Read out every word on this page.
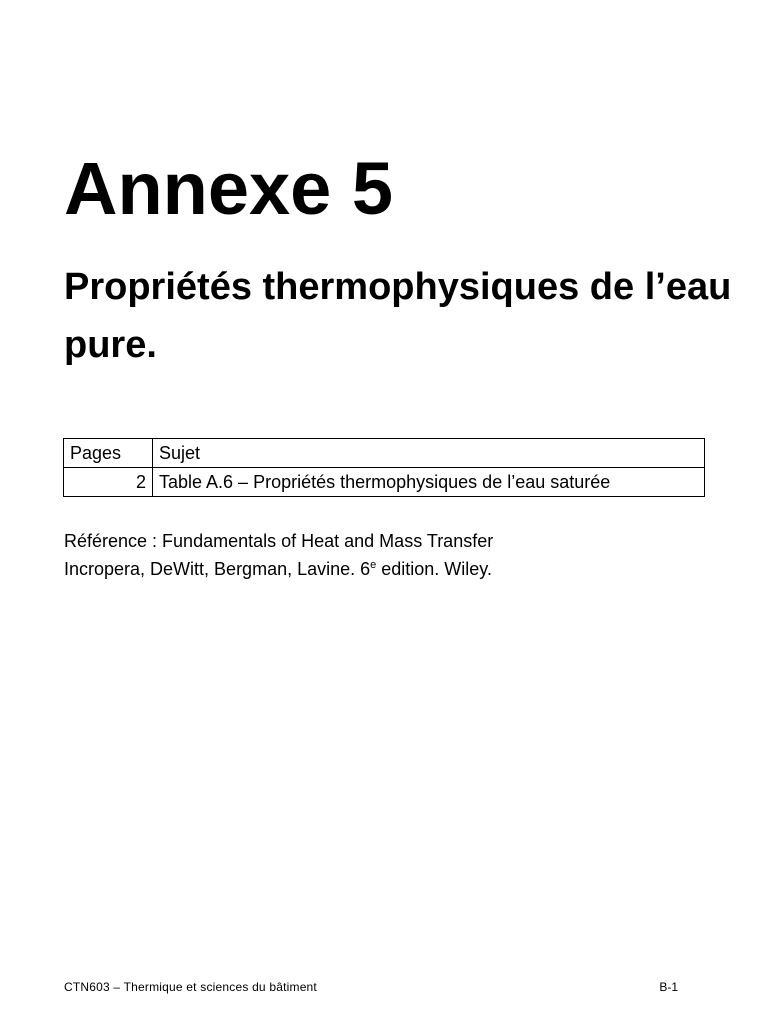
Annexe 5
Propriétés thermophysiques de l’eau pure.
Pages	Sujet
2	Table A.6 – Propriétés thermophysiques de l’eau saturée
Référence : Fundamentals of Heat and Mass Transfer
Incropera, DeWitt, Bergman, Lavine. 6e edition. Wiley.
CTN603 – Thermique et sciences du bâtiment	B-1
